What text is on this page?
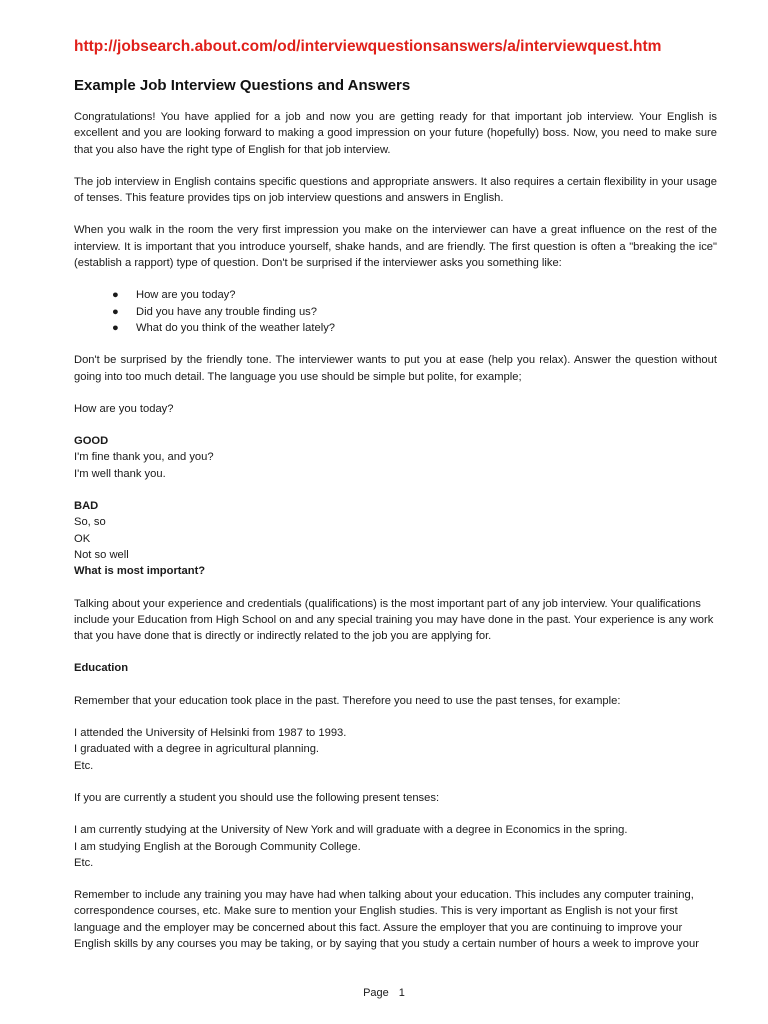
http://jobsearch.about.com/od/interviewquestionsanswers/a/interviewquest.htm
Example Job Interview Questions and Answers

Congratulations! You have applied for a job and now you are getting ready for that important job interview. Your English is excellent and you are looking forward to making a good impression on your future (hopefully) boss. Now, you need to make sure that you also have the right type of English for that job interview.

The job interview in English contains specific questions and appropriate answers. It also requires a certain flexibility in your usage of tenses. This feature provides tips on job interview questions and answers in English.

When you walk in the room the very first impression you make on the interviewer can have a great influence on the rest of the interview. It is important that you introduce yourself, shake hands, and are friendly. The first question is often a "breaking the ice" (establish a rapport) type of question. Don't be surprised if the interviewer asks you something like:

● How are you today?
● Did you have any trouble finding us?
● What do you think of the weather lately?

Don't be surprised by the friendly tone. The interviewer wants to put you at ease (help you relax). Answer the question without going into too much detail. The language you use should be simple but polite, for example;

How are you today?

GOOD
I'm fine thank you, and you?
I'm well thank you.
BAD
So, so
OK
Not so well
What is most important?

Talking about your experience and credentials (qualifications) is the most important part of any job interview. Your qualifications include your Education from High School on and any special training you may have done in the past. Your experience is any work that you have done that is directly or indirectly related to the job you are applying for.

Education

Remember that your education took place in the past. Therefore you need to use the past tenses, for example:

I attended the University of Helsinki from 1987 to 1993.
I graduated with a degree in agricultural planning.
Etc.

If you are currently a student you should use the following present tenses:

I am currently studying at the University of New York and will graduate with a degree in Economics in the spring.
I am studying English at the Borough Community College.
Etc.

Remember to include any training you may have had when talking about your education. This includes any computer training, correspondence courses, etc. Make sure to mention your English studies. This is very important as English is not your first language and the employer may be concerned about this fact. Assure the employer that you are continuing to improve your English skills by any courses you may be taking, or by saying that you study a certain number of hours a week to improve your

Page 1
